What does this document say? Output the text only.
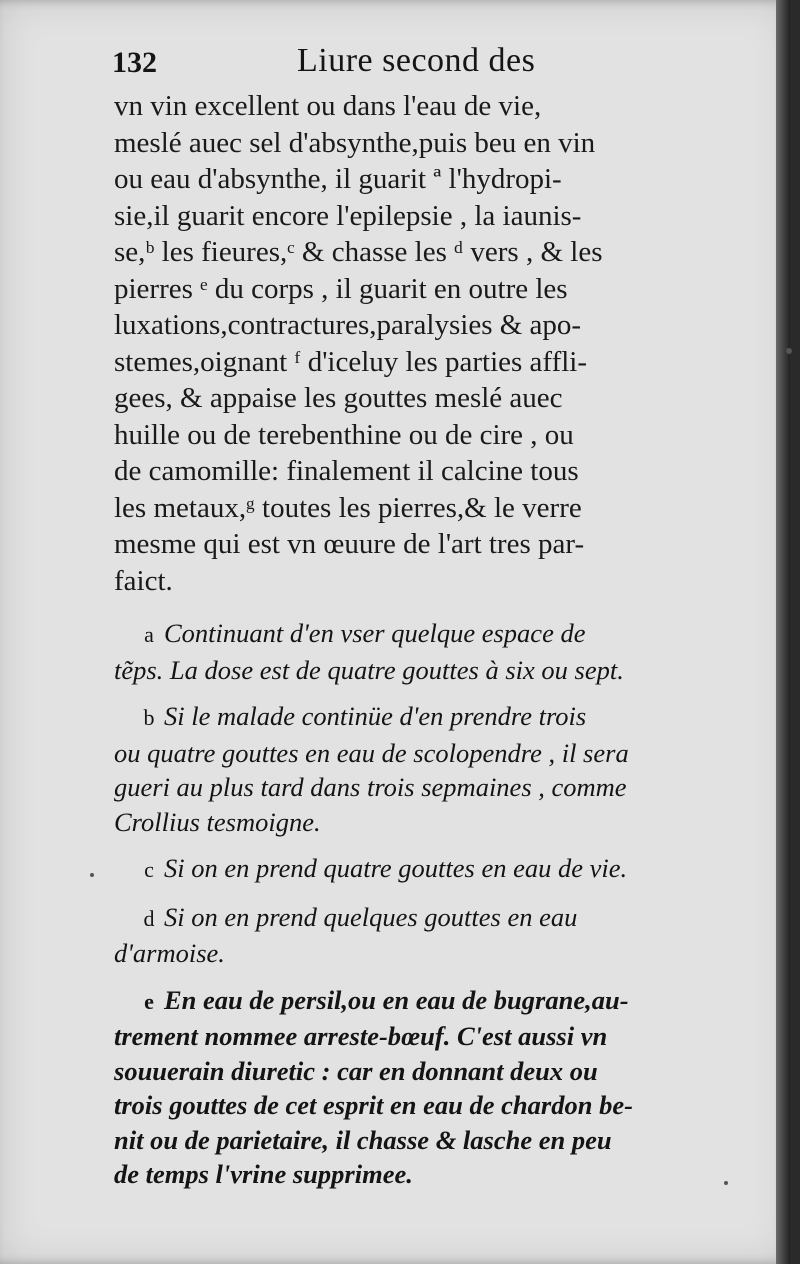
132	Liure second des
vn vin excellent ou dans l'eau de vie,
meslé auec sel d'absynthe,puis beu en vin
ou eau d'absynthe, il guarit ª l'hydropi-
sie,il guarit encore l'epilepsie , la iaunis-
se,ᵇ les fieures,ᶜ & chasse les ᵈ vers , & les
pierres ᵉ du corps , il guarit en outre les
luxations,contractures,paralysies & apo-
stemes,oignant ᶠ d'iceluy les parties affli-
gees, & appaise les gouttes meslé auec
huille ou de terebenthine ou de cire , ou
de camomille: finalement il calcine tous
les metaux,ᵍ toutes les pierres,& le verre
mesme qui est vn œuure de l'art tres par-
faict.
a Continuant d'en vser quelque espace de
tẽps. La dose est de quatre gouttes à six ou sept.
b Si le malade continüe d'en prendre trois
ou quatre gouttes en eau de scolopendre , il sera
gueri au plus tard dans trois sepmaines , comme
Crollius tesmoigne.
c Si on en prend quatre gouttes en eau de vie.
d Si on en prend quelques gouttes en eau
d'armoise.
e En eau de persil,ou en eau de bugrane,au-
trement nommee arreste-bœuf. C'est aussi vn
souuerain diuretic : car en donnant deux ou
trois gouttes de cet esprit en eau de chardon be-
nit ou de parietaire, il chasse & lasche en peu
de temps l'vrine supprimee.
